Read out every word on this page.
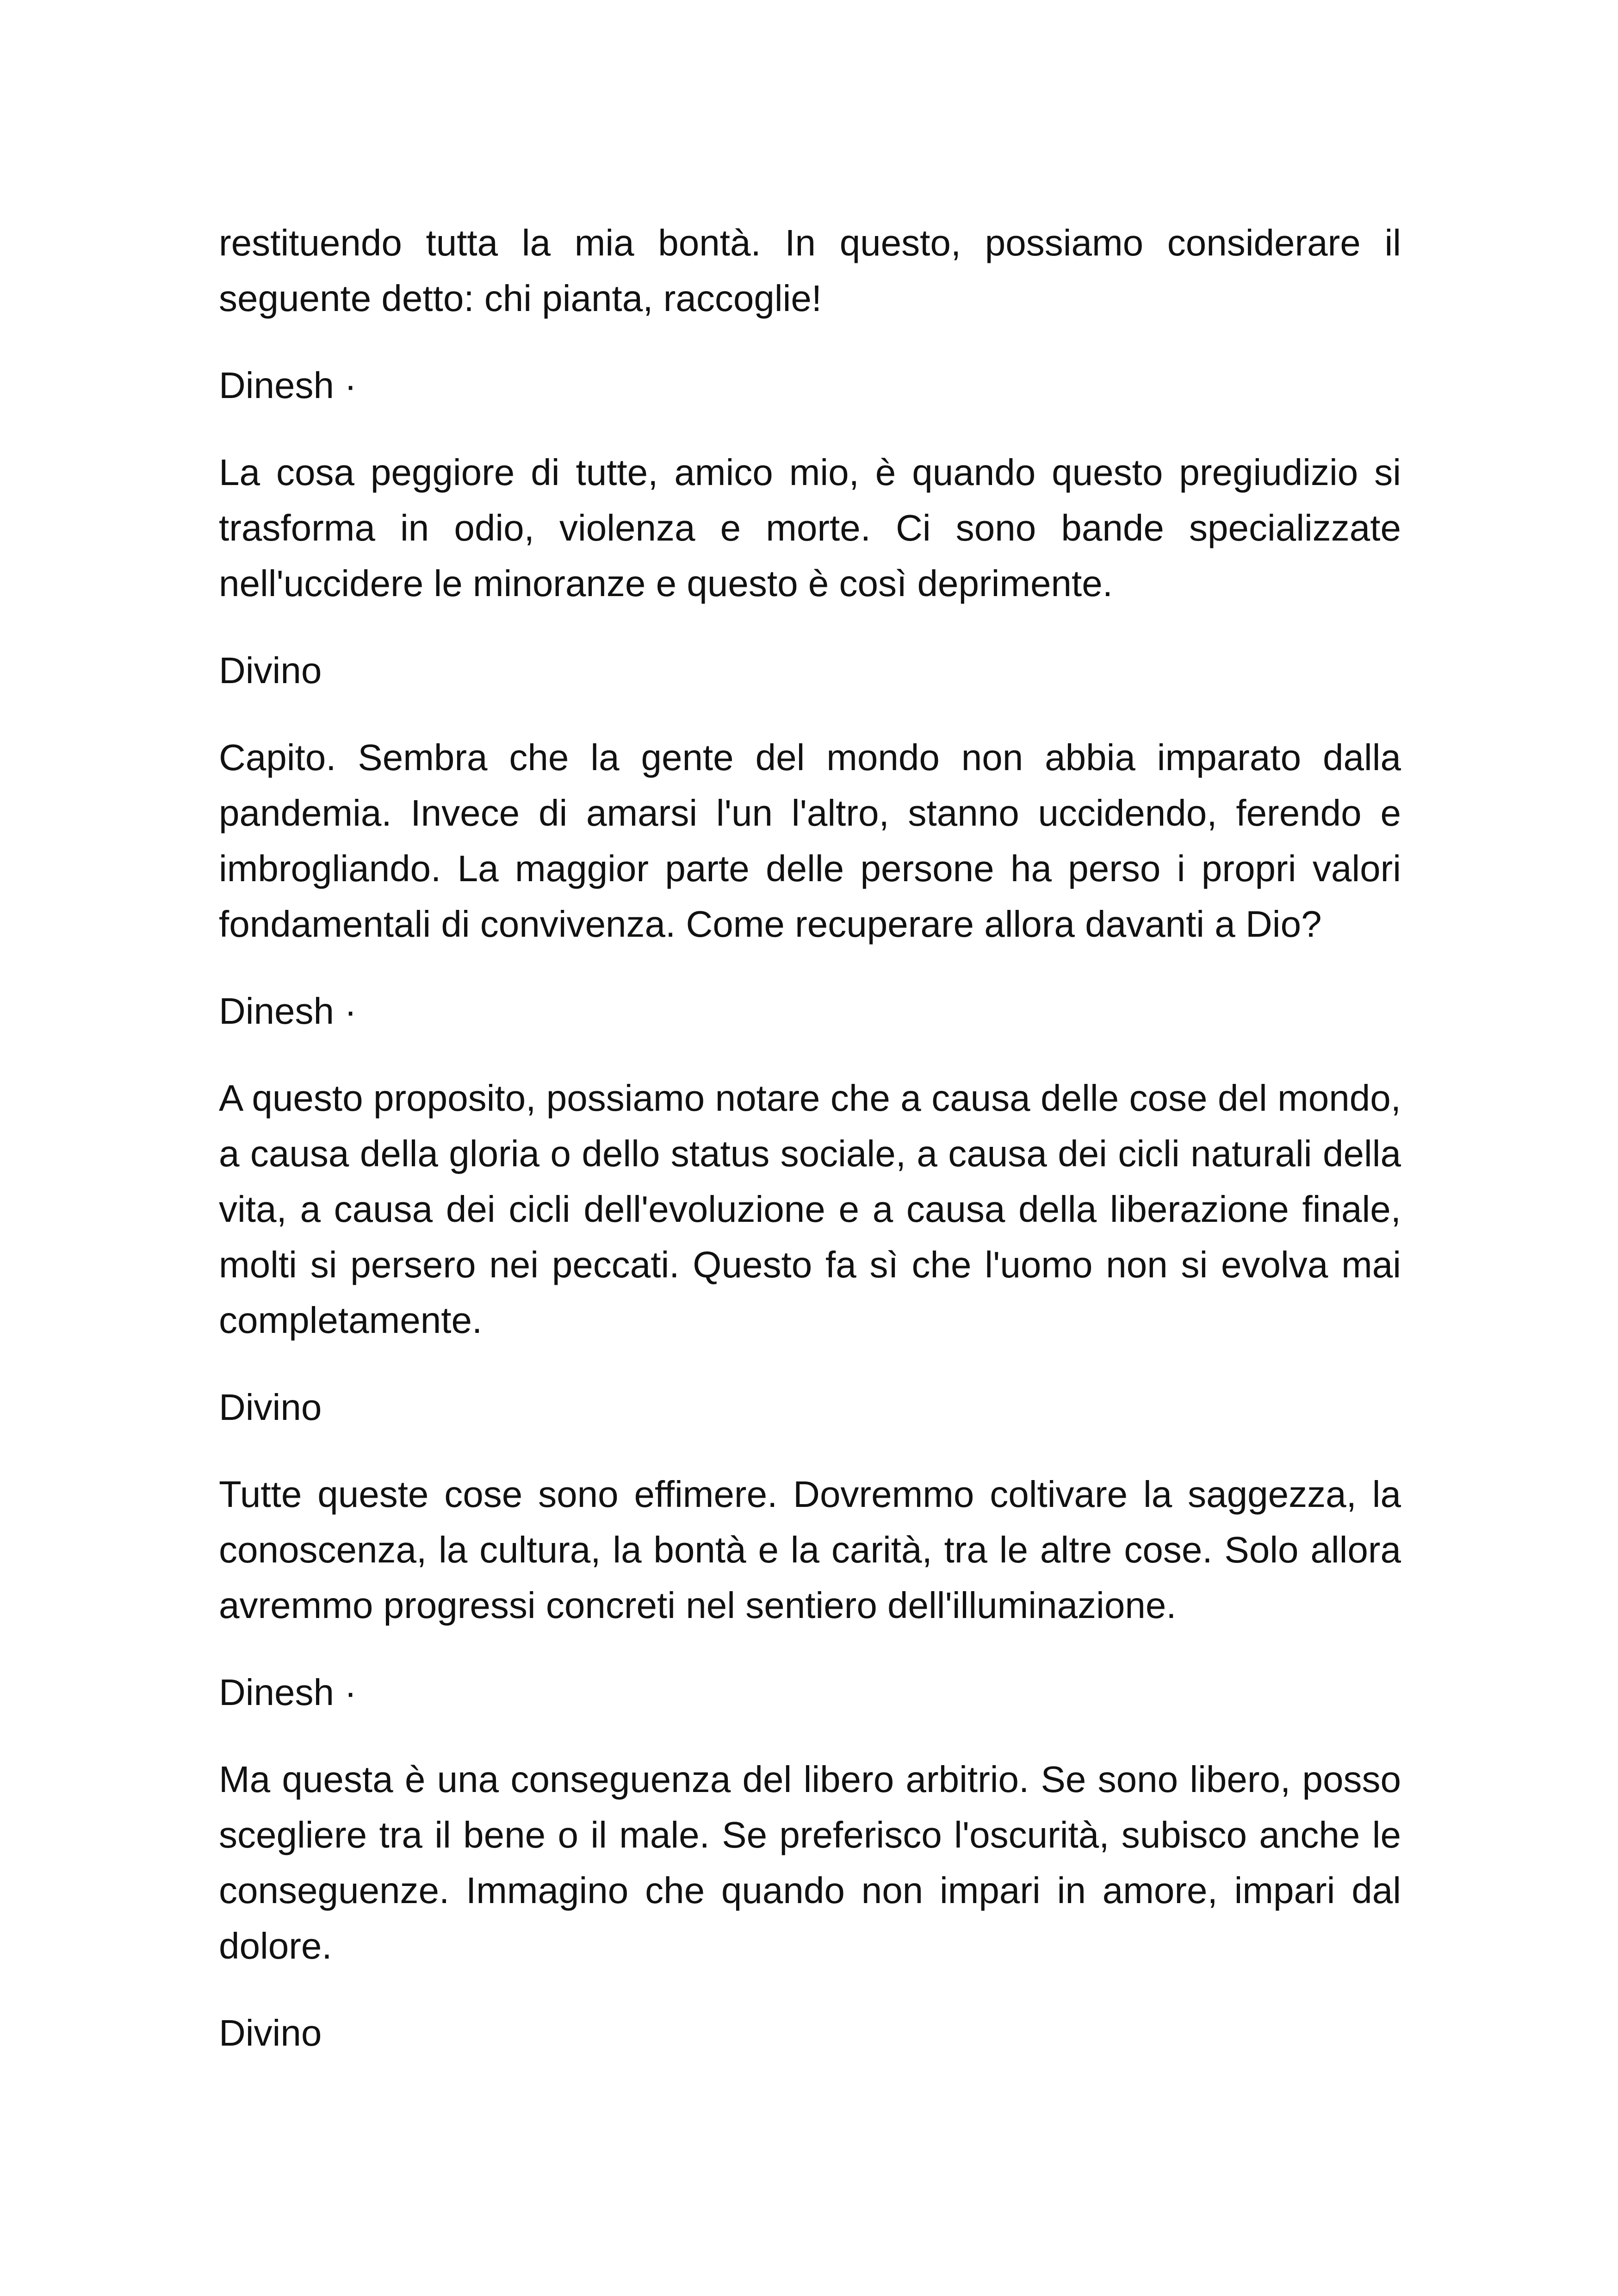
restituendo tutta la mia bontà. In questo, possiamo considerare il seguente detto: chi pianta, raccoglie!

Dinesh ·

La cosa peggiore di tutte, amico mio, è quando questo pregiudizio si trasforma in odio, violenza e morte. Ci sono bande specializzate nell'uccidere le minoranze e questo è così deprimente.

Divino

Capito. Sembra che la gente del mondo non abbia imparato dalla pandemia. Invece di amarsi l'un l'altro, stanno uccidendo, ferendo e imbrogliando. La maggior parte delle persone ha perso i propri valori fondamentali di convivenza. Come recuperare allora davanti a Dio?

Dinesh ·

A questo proposito, possiamo notare che a causa delle cose del mondo, a causa della gloria o dello status sociale, a causa dei cicli naturali della vita, a causa dei cicli dell'evoluzione e a causa della liberazione finale, molti si persero nei peccati. Questo fa sì che l'uomo non si evolva mai completamente.

Divino

Tutte queste cose sono effimere. Dovremmo coltivare la saggezza, la conoscenza, la cultura, la bontà e la carità, tra le altre cose. Solo allora avremmo progressi concreti nel sentiero dell'illuminazione.

Dinesh ·

Ma questa è una conseguenza del libero arbitrio. Se sono libero, posso scegliere tra il bene o il male. Se preferisco l'oscurità, subisco anche le conseguenze. Immagino che quando non impari in amore, impari dal dolore.

Divino
